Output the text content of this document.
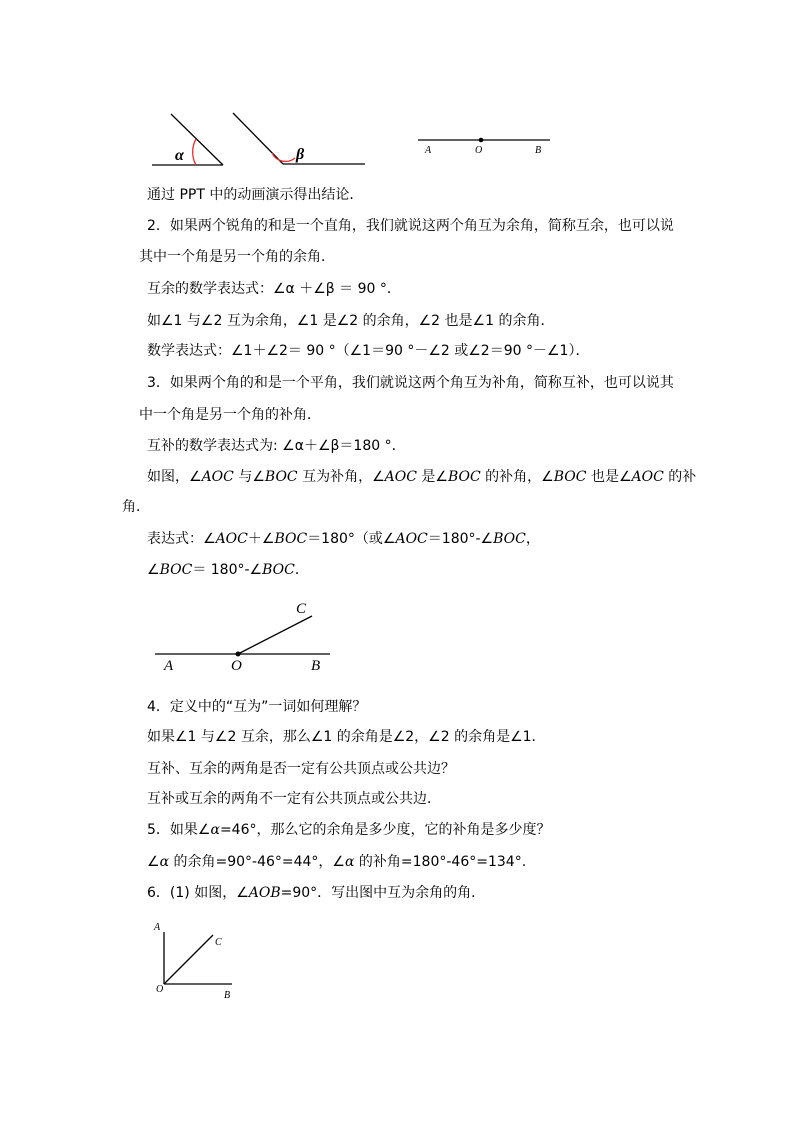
α	β	A	O	B
C
A	O	B
A
C
O
B
通过 PPT 中的动画演示得出结论．
2．如果两个锐角的和是一个直角，我们就说这两个角互为余角，简称互余，也可以说
其中一个角是另一个角的余角．
互余的数学表达式：∠α ＋∠β ＝ 90 °．
如∠1 与∠2 互为余角，∠1 是∠2 的余角，∠2 也是∠1 的余角．
数学表达式：∠1＋∠2＝ 90 °（∠1＝90 °－∠2 或∠2＝90 °－∠1）．
3．如果两个角的和是一个平角，我们就说这两个角互为补角，简称互补，也可以说其
中一个角是另一个角的补角．
互补的数学表达式为: ∠α＋∠β＝180 °．
如图，∠AOC 与∠BOC 互为补角，∠AOC 是∠BOC 的补角，∠BOC 也是∠AOC 的补
角．
表达式：∠AOC＋∠BOC＝180°（或∠AOC＝180°-∠BOC，
∠BOC＝ 180°-∠BOC．
4．定义中的“互为”一词如何理解？
如果∠1 与∠2 互余，那么∠1 的余角是∠2，∠2 的余角是∠1．
互补、互余的两角是否一定有公共顶点或公共边？
互补或互余的两角不一定有公共顶点或公共边．
5．如果∠α=46°，那么它的余角是多少度，它的补角是多少度？
∠α 的余角=90°-46°=44°，∠α 的补角=180°-46°=134°.
6．(1) 如图，∠AOB=90°．写出图中互为余角的角．
